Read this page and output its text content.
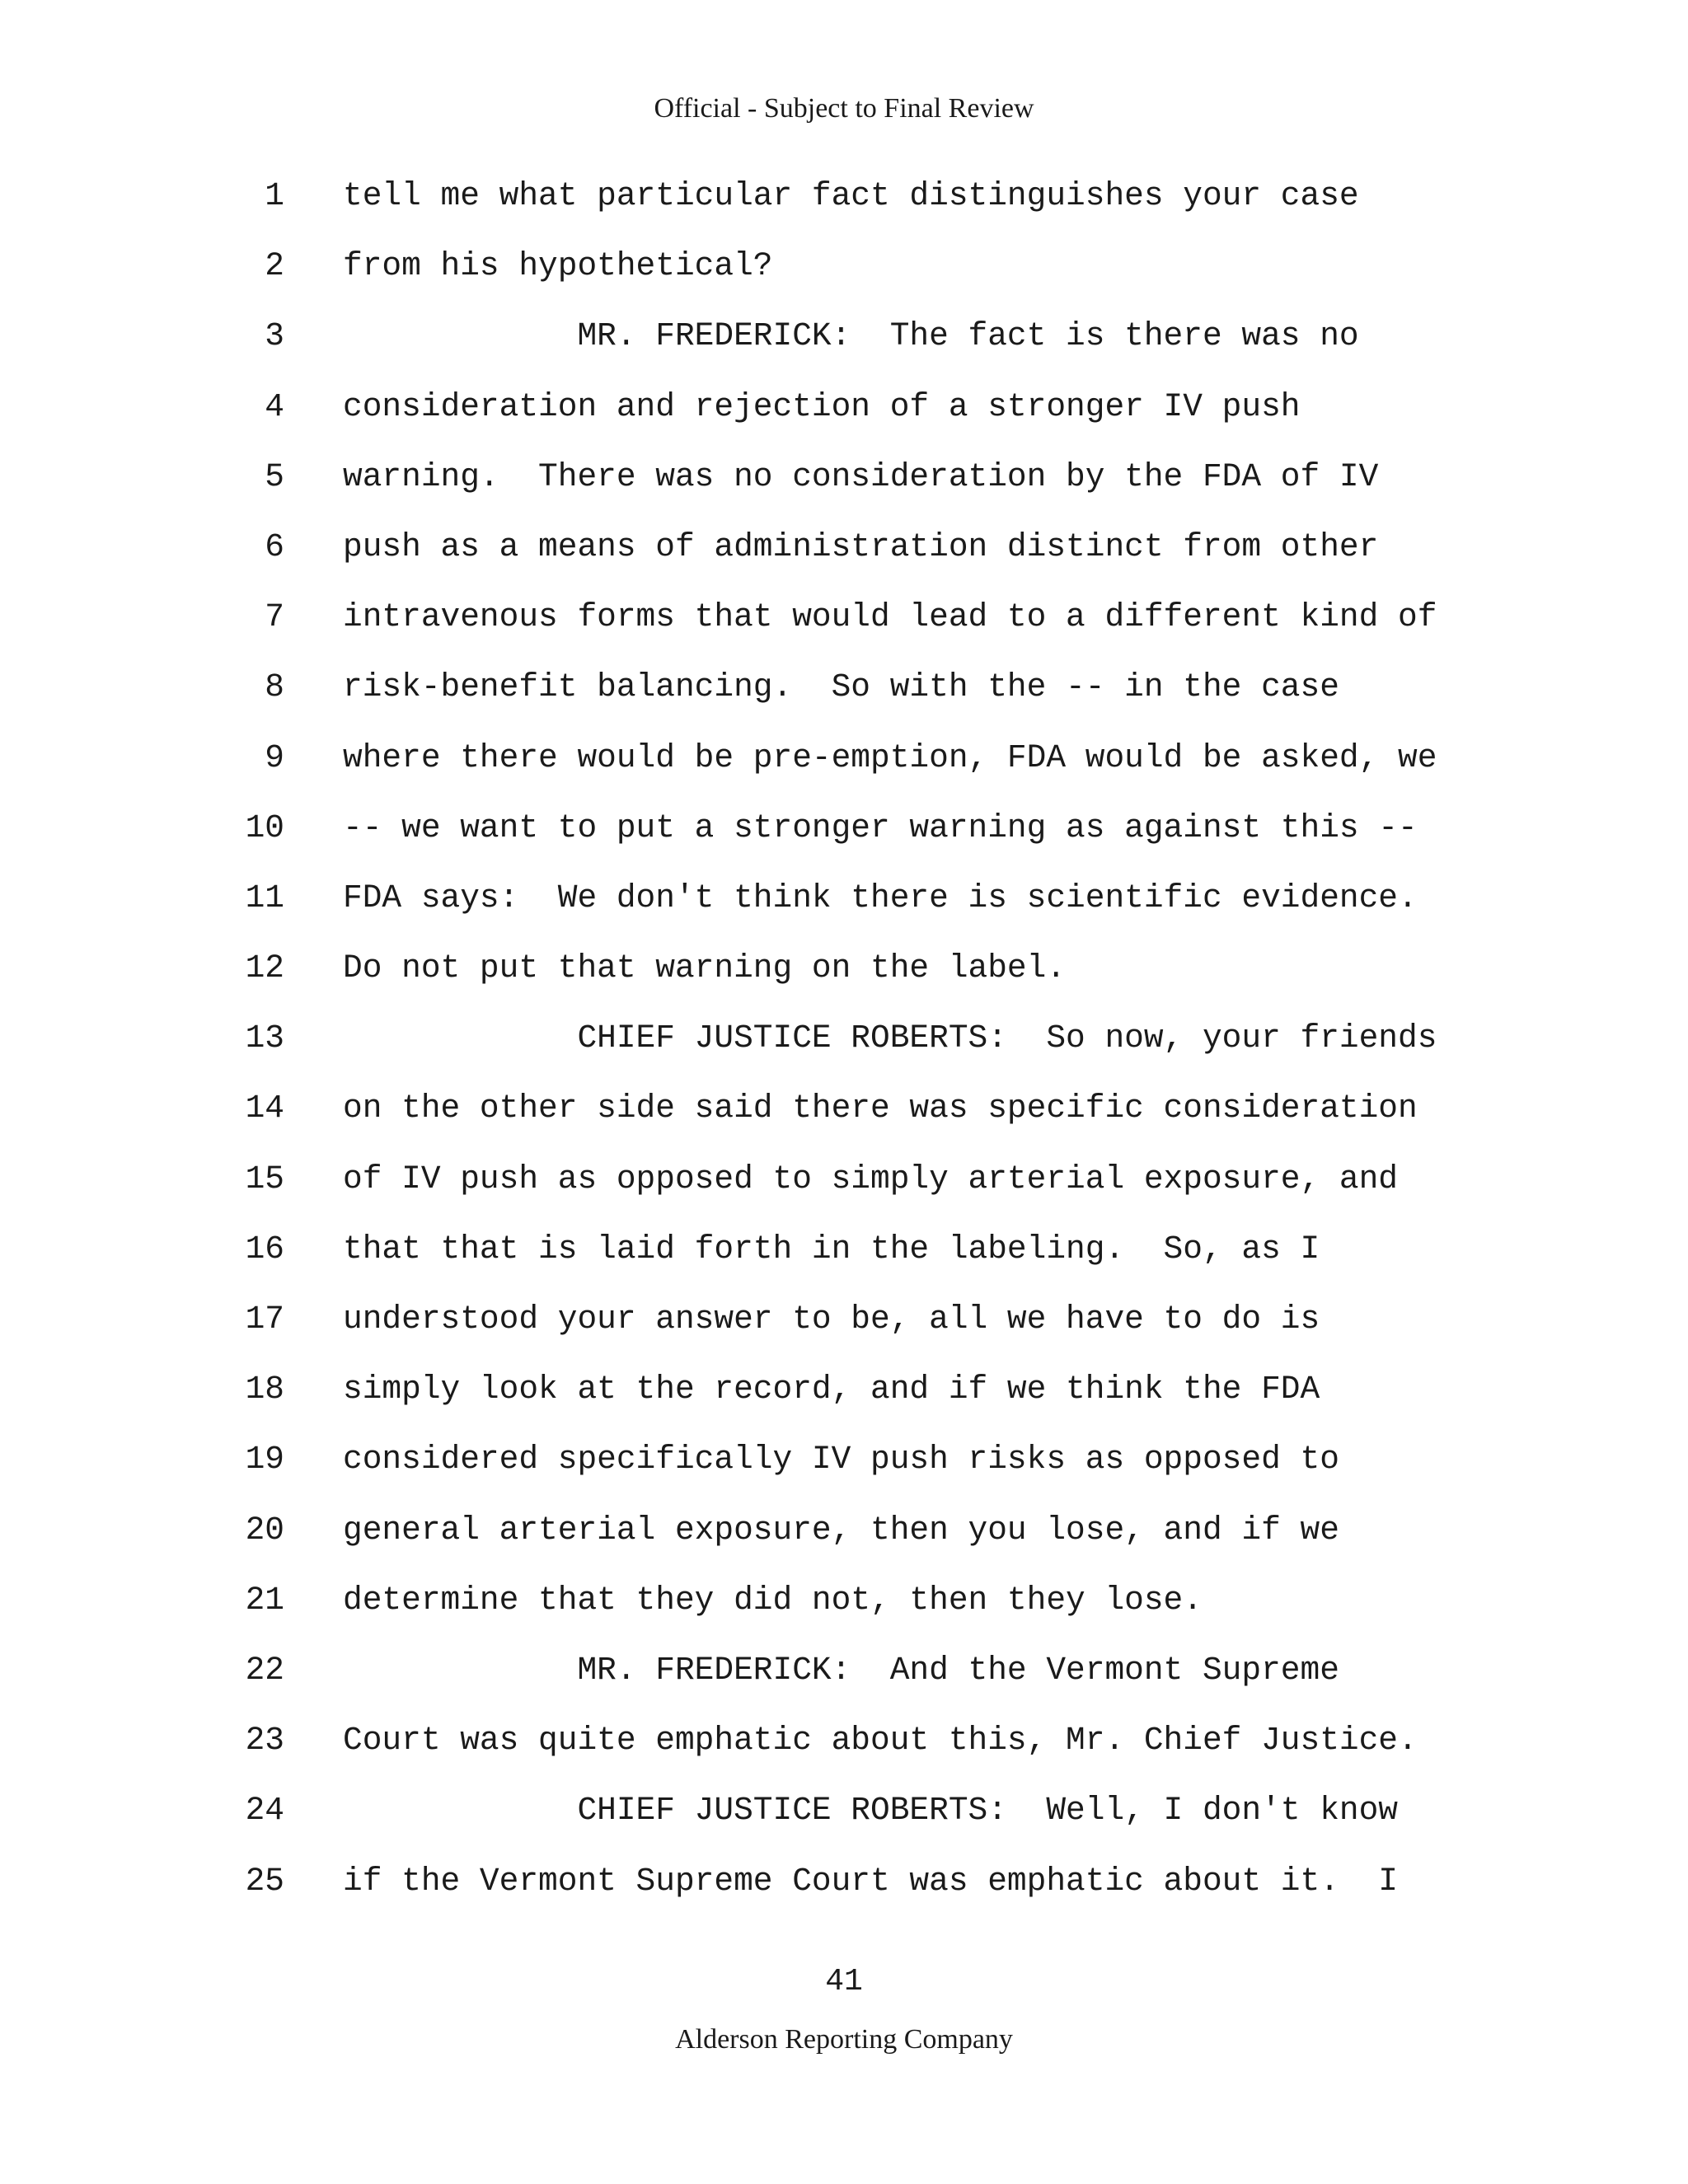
Official - Subject to Final Review

1

tell me what particular fact distinguishes your case

2

from his hypothetical?

3

MR. FREDERICK:  The fact is there was no

4

consideration and rejection of a stronger IV push

5

warning.  There was no consideration by the FDA of IV

6

push as a means of administration distinct from other

7

intravenous forms that would lead to a different kind of

8

risk-benefit balancing.  So with the -- in the case

9

where there would be pre-emption, FDA would be asked, we

10

-- we want to put a stronger warning as against this --

11

FDA says:  We don't think there is scientific evidence.

12

Do not put that warning on the label.

13

CHIEF JUSTICE ROBERTS:  So now, your friends

14

on the other side said there was specific consideration

15

of IV push as opposed to simply arterial exposure, and

16

that that is laid forth in the labeling.  So, as I

17

understood your answer to be, all we have to do is

18

simply look at the record, and if we think the FDA

19

considered specifically IV push risks as opposed to

20

general arterial exposure, then you lose, and if we

21

determine that they did not, then they lose.

22

MR. FREDERICK:  And the Vermont Supreme

23

Court was quite emphatic about this, Mr. Chief Justice.

24

CHIEF JUSTICE ROBERTS:  Well, I don't know

25

if the Vermont Supreme Court was emphatic about it.  I

41
Alderson Reporting Company
